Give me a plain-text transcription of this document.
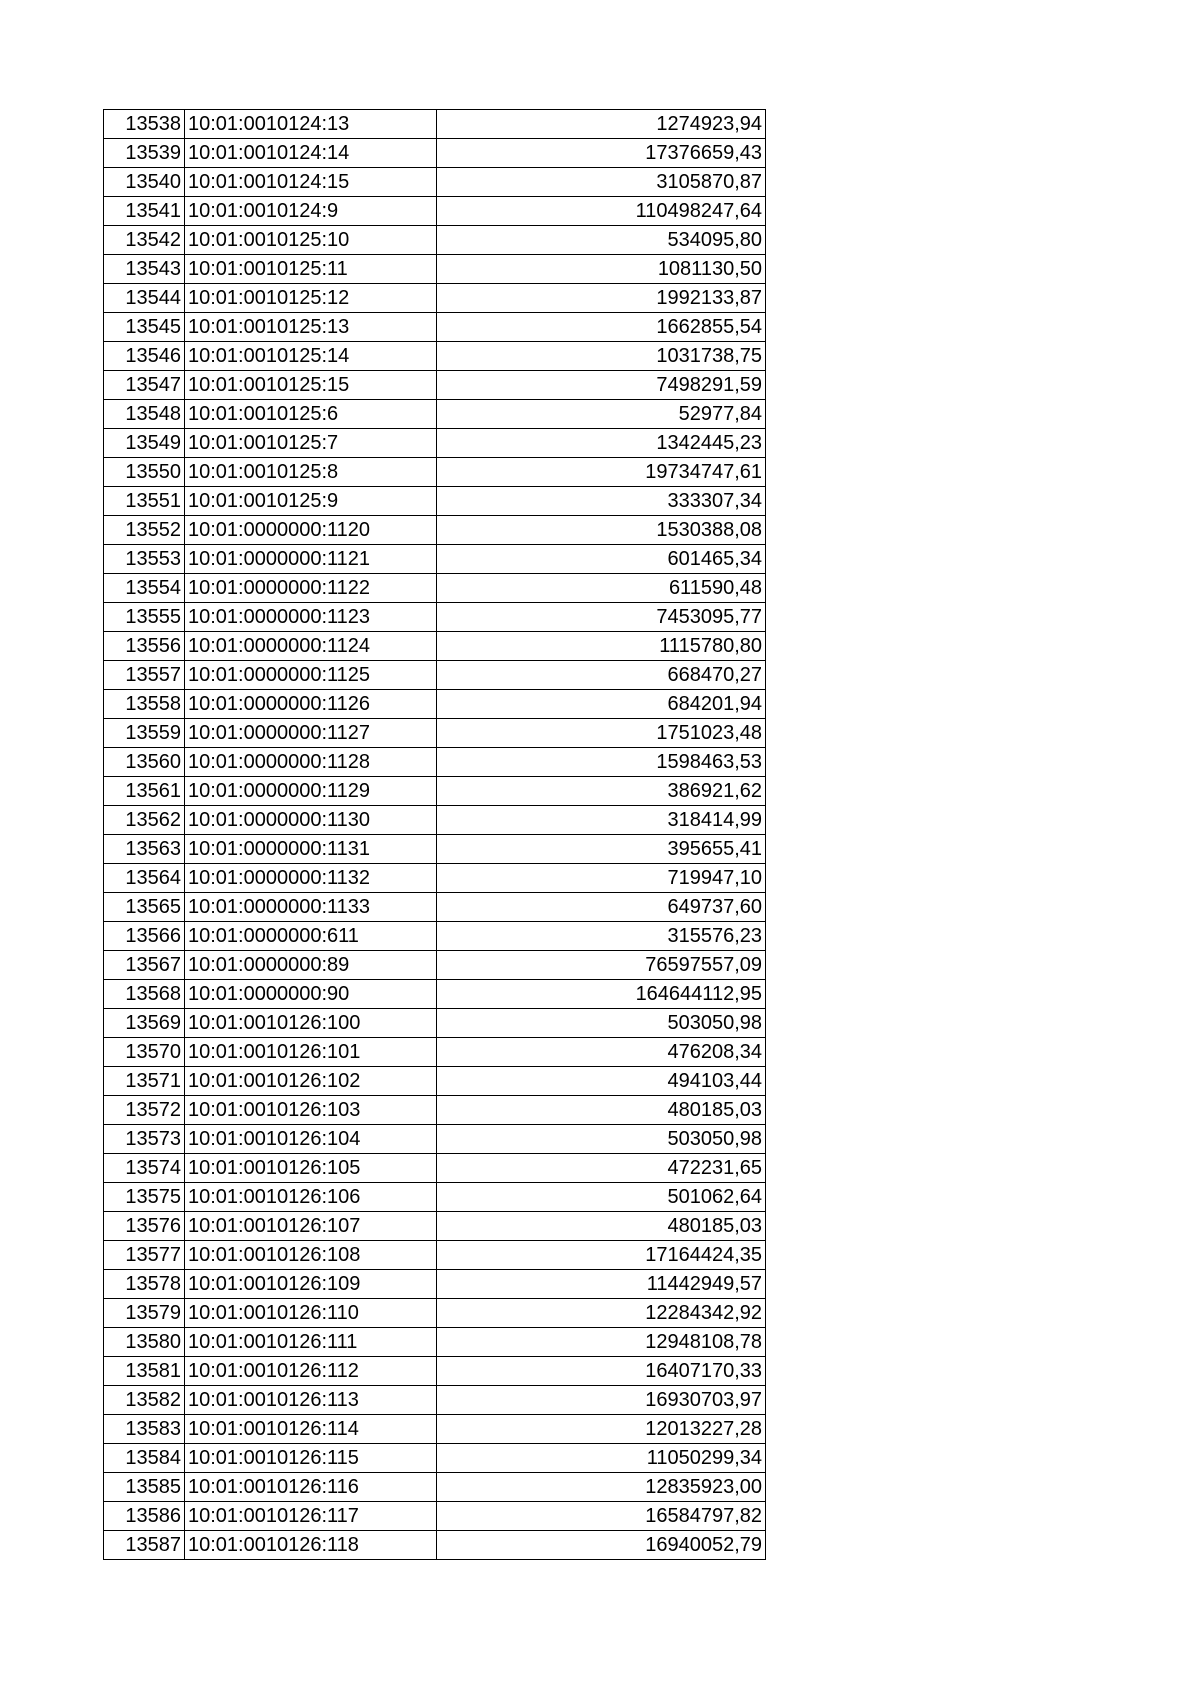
13538	10:01:0010124:13	1274923,94
13539	10:01:0010124:14	17376659,43
13540	10:01:0010124:15	3105870,87
13541	10:01:0010124:9	110498247,64
13542	10:01:0010125:10	534095,80
13543	10:01:0010125:11	1081130,50
13544	10:01:0010125:12	1992133,87
13545	10:01:0010125:13	1662855,54
13546	10:01:0010125:14	1031738,75
13547	10:01:0010125:15	7498291,59
13548	10:01:0010125:6	52977,84
13549	10:01:0010125:7	1342445,23
13550	10:01:0010125:8	19734747,61
13551	10:01:0010125:9	333307,34
13552	10:01:0000000:1120	1530388,08
13553	10:01:0000000:1121	601465,34
13554	10:01:0000000:1122	611590,48
13555	10:01:0000000:1123	7453095,77
13556	10:01:0000000:1124	1115780,80
13557	10:01:0000000:1125	668470,27
13558	10:01:0000000:1126	684201,94
13559	10:01:0000000:1127	1751023,48
13560	10:01:0000000:1128	1598463,53
13561	10:01:0000000:1129	386921,62
13562	10:01:0000000:1130	318414,99
13563	10:01:0000000:1131	395655,41
13564	10:01:0000000:1132	719947,10
13565	10:01:0000000:1133	649737,60
13566	10:01:0000000:611	315576,23
13567	10:01:0000000:89	76597557,09
13568	10:01:0000000:90	164644112,95
13569	10:01:0010126:100	503050,98
13570	10:01:0010126:101	476208,34
13571	10:01:0010126:102	494103,44
13572	10:01:0010126:103	480185,03
13573	10:01:0010126:104	503050,98
13574	10:01:0010126:105	472231,65
13575	10:01:0010126:106	501062,64
13576	10:01:0010126:107	480185,03
13577	10:01:0010126:108	17164424,35
13578	10:01:0010126:109	11442949,57
13579	10:01:0010126:110	12284342,92
13580	10:01:0010126:111	12948108,78
13581	10:01:0010126:112	16407170,33
13582	10:01:0010126:113	16930703,97
13583	10:01:0010126:114	12013227,28
13584	10:01:0010126:115	11050299,34
13585	10:01:0010126:116	12835923,00
13586	10:01:0010126:117	16584797,82
13587	10:01:0010126:118	16940052,79
